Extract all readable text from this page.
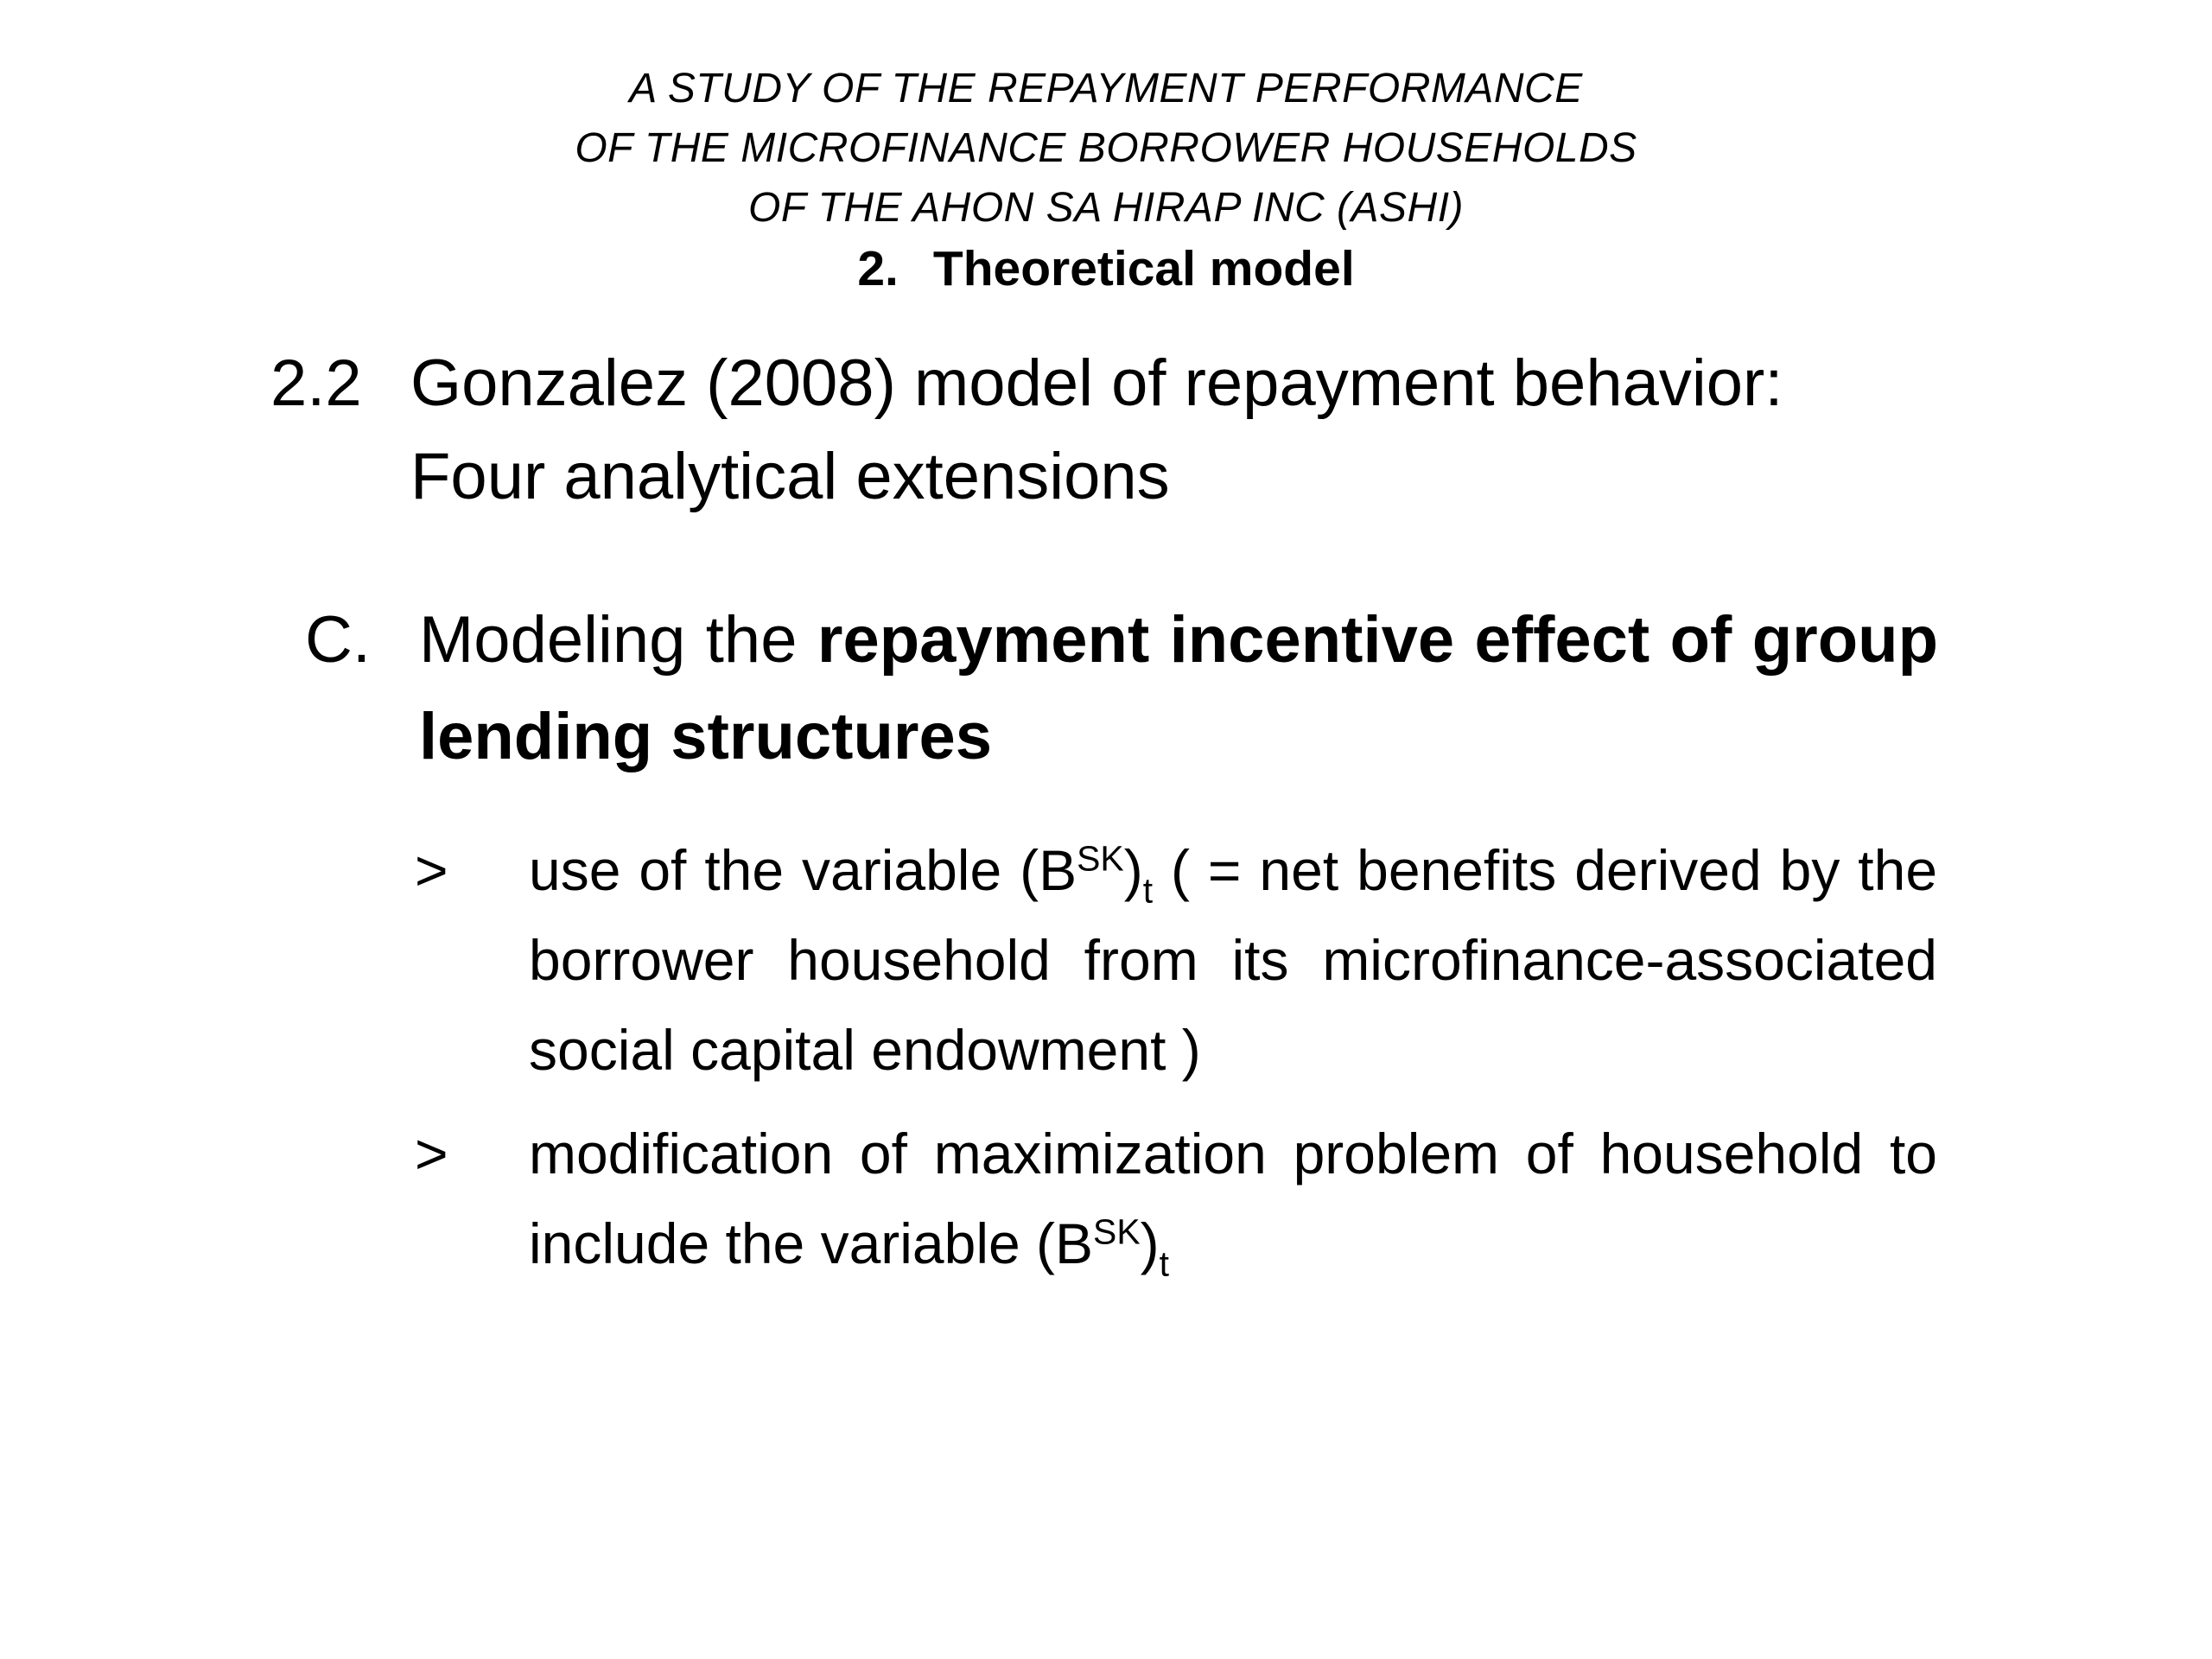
A STUDY OF THE REPAYMENT PERFORMANCE
OF THE MICROFINANCE BORROWER HOUSEHOLDS
OF THE AHON SA HIRAP INC (ASHI)
2. Theoretical model
2.2 Gonzalez (2008) model of repayment behavior:
Four analytical extensions
C. Modeling the repayment incentive effect of group lending structures
> use of the variable $(B^{SK})_t$ ( = net benefits derived by the borrower household from its microfinance-associated social capital endowment )
> modification of maximization problem of household to include the variable $(B^{SK})_t$
